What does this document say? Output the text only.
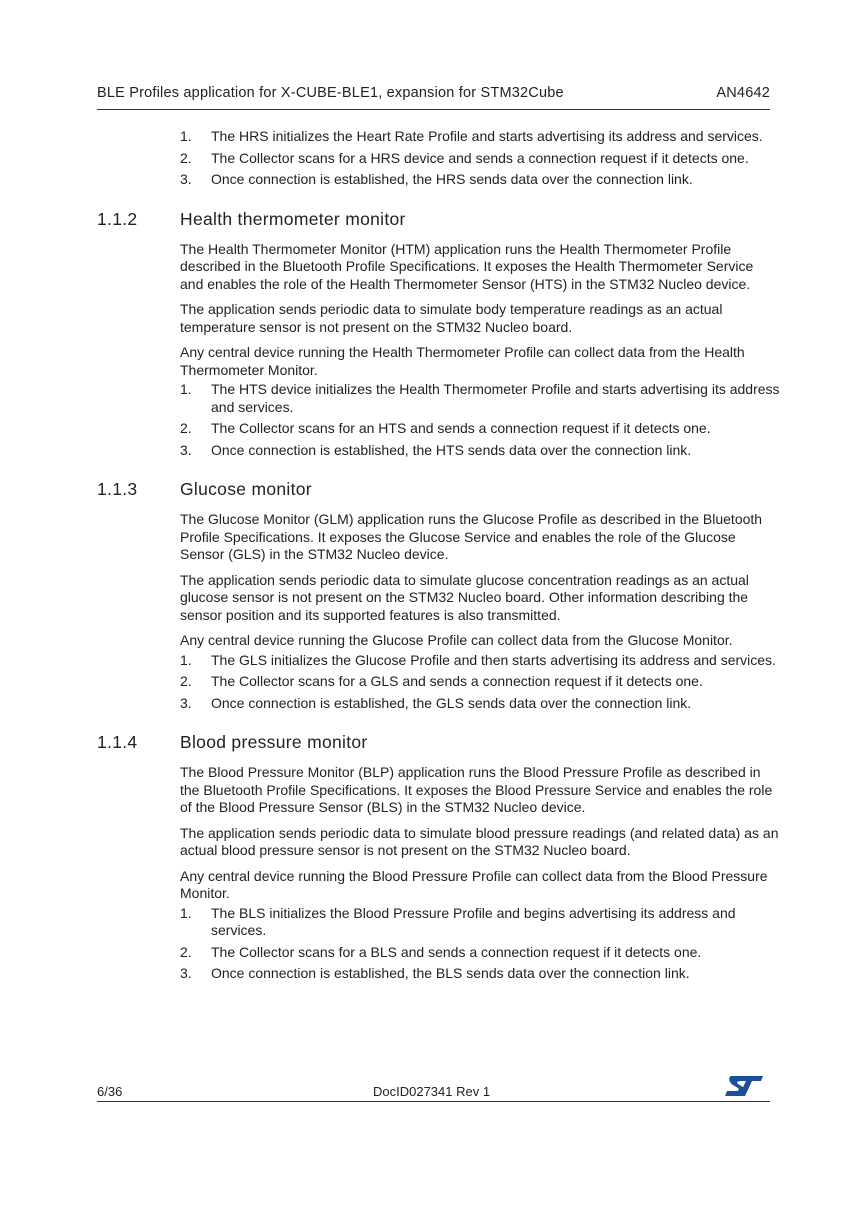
BLE Profiles application for X-CUBE-BLE1, expansion for STM32Cube	AN4642
1. The HRS initializes the Heart Rate Profile and starts advertising its address and services.
2. The Collector scans for a HRS device and sends a connection request if it detects one.
3. Once connection is established, the HRS sends data over the connection link.
1.1.2 Health thermometer monitor

The Health Thermometer Monitor (HTM) application runs the Health Thermometer Profile described in the Bluetooth Profile Specifications. It exposes the Health Thermometer Service and enables the role of the Health Thermometer Sensor (HTS) in the STM32 Nucleo device.

The application sends periodic data to simulate body temperature readings as an actual temperature sensor is not present on the STM32 Nucleo board.

Any central device running the Health Thermometer Profile can collect data from the Health Thermometer Monitor.

1. The HTS device initializes the Health Thermometer Profile and starts advertising its address and services.
2. The Collector scans for an HTS and sends a connection request if it detects one.
3. Once connection is established, the HTS sends data over the connection link.
1.1.3 Glucose monitor

The Glucose Monitor (GLM) application runs the Glucose Profile as described in the Bluetooth Profile Specifications. It exposes the Glucose Service and enables the role of the Glucose Sensor (GLS) in the STM32 Nucleo device.

The application sends periodic data to simulate glucose concentration readings as an actual glucose sensor is not present on the STM32 Nucleo board. Other information describing the sensor position and its supported features is also transmitted.

Any central device running the Glucose Profile can collect data from the Glucose Monitor.

1. The GLS initializes the Glucose Profile and then starts advertising its address and services.
2. The Collector scans for a GLS and sends a connection request if it detects one.
3. Once connection is established, the GLS sends data over the connection link.
1.1.4 Blood pressure monitor

The Blood Pressure Monitor (BLP) application runs the Blood Pressure Profile as described in the Bluetooth Profile Specifications. It exposes the Blood Pressure Service and enables the role of the Blood Pressure Sensor (BLS) in the STM32 Nucleo device.

The application sends periodic data to simulate blood pressure readings (and related data) as an actual blood pressure sensor is not present on the STM32 Nucleo board.

Any central device running the Blood Pressure Profile can collect data from the Blood Pressure Monitor.

1. The BLS initializes the Blood Pressure Profile and begins advertising its address and services.
2. The Collector scans for a BLS and sends a connection request if it detects one.
3. Once connection is established, the BLS sends data over the connection link.
6/36	DocID027341 Rev 1
